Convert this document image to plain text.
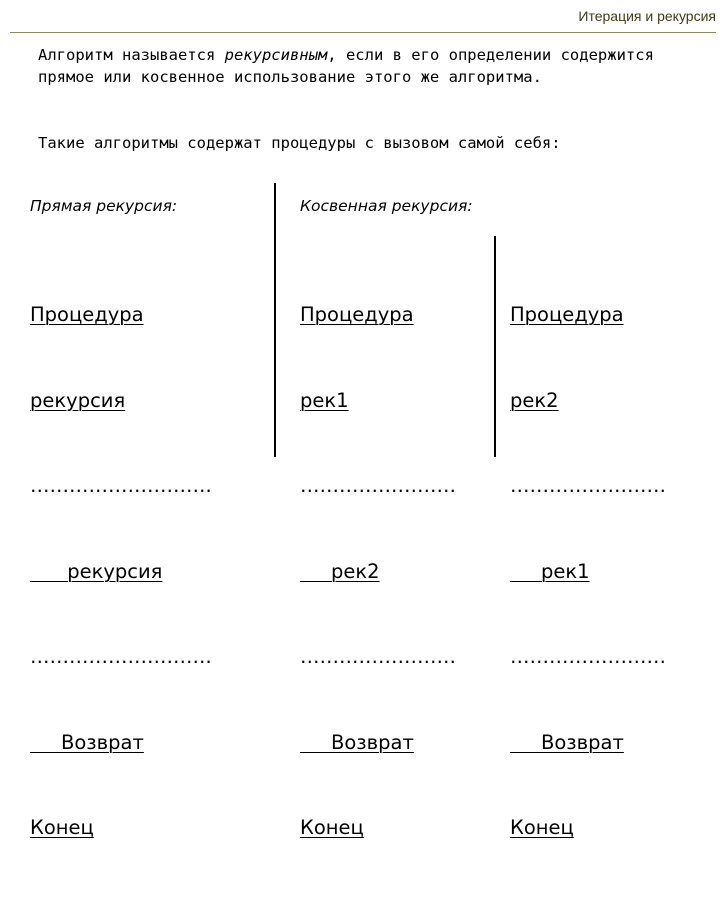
Итерация и рекурсия
Алгоритм называется рекурсивным, если в его определении содержится прямое или косвенное использование этого же алгоритма.
Такие алгоритмы содержат процедуры с вызовом самой себя:
Прямая рекурсия:

Процедура

рекурсия

……………………….

рекурсия

……………………….

Возврат

Конец

Косвенная рекурсия:

Процедура

рек1

……………………

рек2

……………………

Возврат

Конец

Процедура

рек2

……………………

рек1

……………………

Возврат

Конец
